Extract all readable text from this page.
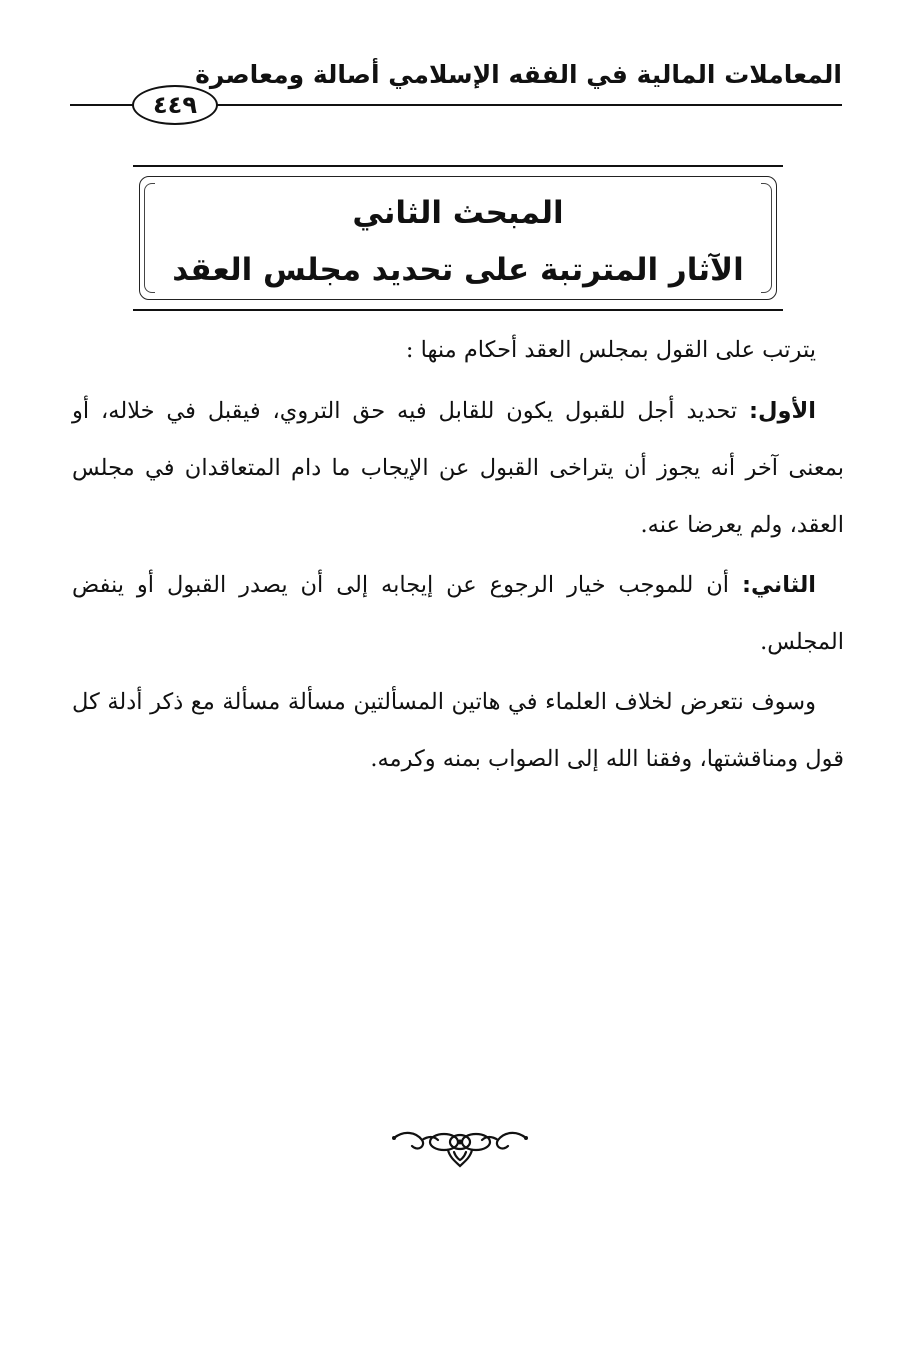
المعاملات المالية في الفقه الإسلامي أصالة ومعاصرة
٤٤٩
المبحث الثاني
الآثار المترتبة على تحديد مجلس العقد

يترتب على القول بمجلس العقد أحكام منها :

الأول: تحديد أجل للقبول يكون للقابل فيه حق التروي، فيقبل في خلاله، أو بمعنى آخر أنه يجوز أن يتراخى القبول عن الإيجاب ما دام المتعاقدان في مجلس العقد، ولم يعرضا عنه.

الثاني: أن للموجب خيار الرجوع عن إيجابه إلى أن يصدر القبول أو ينفض المجلس.

وسوف نتعرض لخلاف العلماء في هاتين المسألتين مسألة مسألة مع ذكر أدلة كل قول ومناقشتها، وفقنا الله إلى الصواب بمنه وكرمه.
